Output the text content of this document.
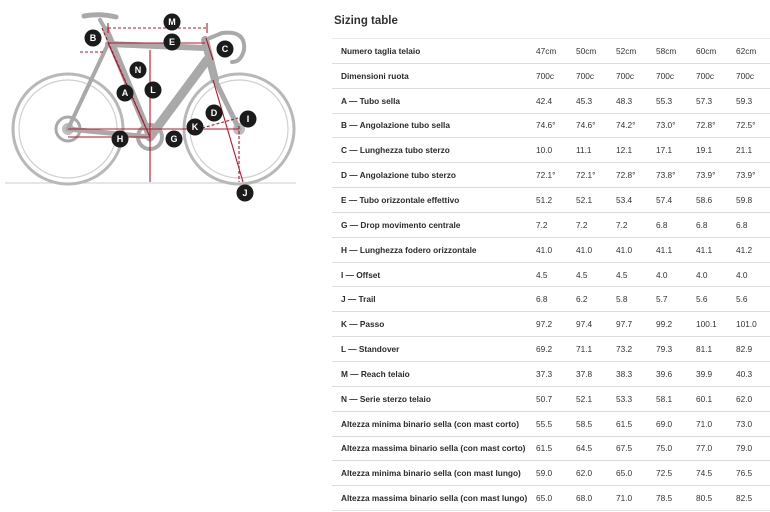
M
B	E
C
N
A L
D
I
K
H	G
J
Sizing table
Numero taglia telaio	47cm	50cm	52cm	58cm	60cm	62cm
Dimensioni ruota	700c	700c	700c	700c	700c	700c
A — Tubo sella	42.4	45.3	48.3	55.3	57.3	59.3
B — Angolazione tubo sella	74.6°	74.6°	74.2°	73.0°	72.8°	72.5°
C — Lunghezza tubo sterzo	10.0	11.1	12.1	17.1	19.1	21.1
D — Angolazione tubo sterzo	72.1°	72.1°	72.8°	73.8°	73.9°	73.9°
E — Tubo orizzontale effettivo	51.2	52.1	53.4	57.4	58.6	59.8
G — Drop movimento centrale	7.2	7.2	7.2	6.8	6.8	6.8
H — Lunghezza fodero orizzontale	41.0	41.0	41.0	41.1	41.1	41.2
I — Offset	4.5	4.5	4.5	4.0	4.0	4.0
J — Trail	6.8	6.2	5.8	5.7	5.6	5.6
K — Passo	97.2	97.4	97.7	99.2	100.1	101.0
L — Standover	69.2	71.1	73.2	79.3	81.1	82.9
M — Reach telaio	37.3	37.8	38.3	39.6	39.9	40.3
N — Serie sterzo telaio	50.7	52.1	53.3	58.1	60.1	62.0
Altezza minima binario sella (con mast corto)	55.5	58.5	61.5	69.0	71.0	73.0
Altezza massima binario sella (con mast corto)	61.5	64.5	67.5	75.0	77.0	79.0
Altezza minima binario sella (con mast lungo)	59.0	62.0	65.0	72.5	74.5	76.5
Altezza massima binario sella (con mast lungo)	65.0	68.0	71.0	78.5	80.5	82.5
